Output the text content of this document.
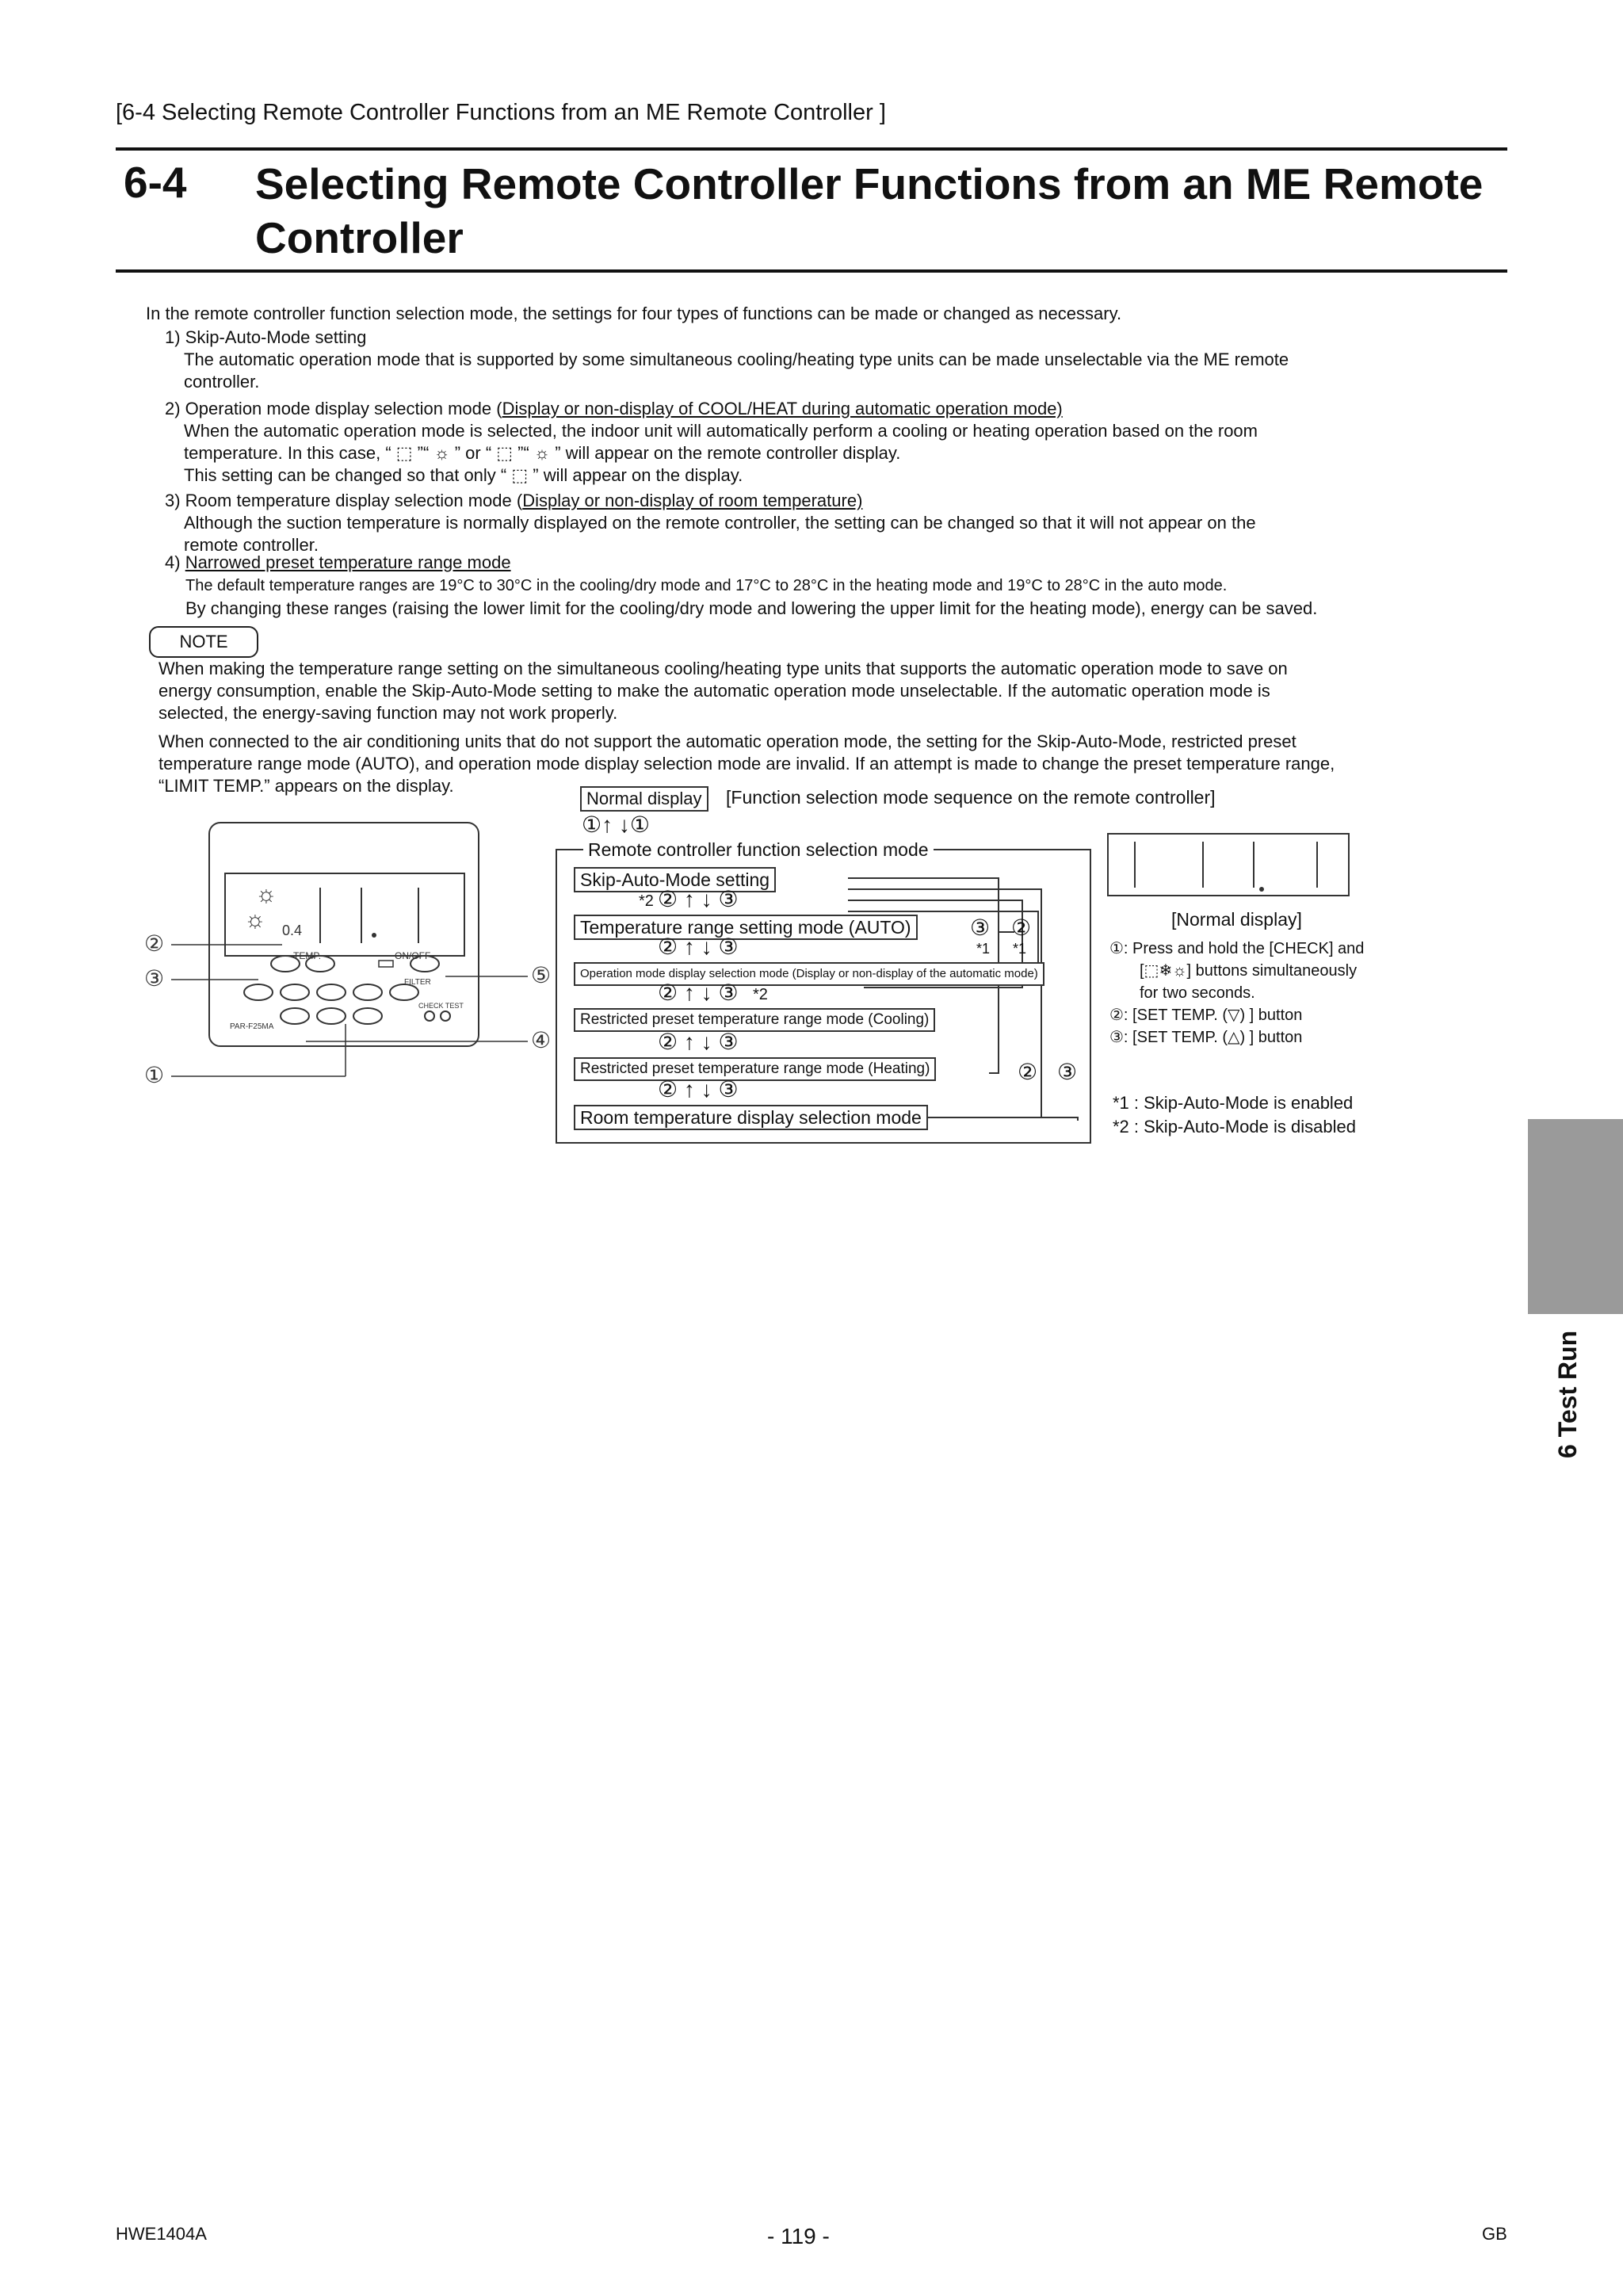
[6-4 Selecting Remote Controller Functions from an ME Remote Controller ]
6-4 Selecting Remote Controller Functions from an ME Remote Controller
In the remote controller function selection mode, the settings for four types of functions can be made or changed as necessary.
1) Skip-Auto-Mode setting
The automatic operation mode that is supported by some simultaneous cooling/heating type units can be made unselectable via the ME remote
controller.
2) Operation mode display selection mode (Display or non-display of COOL/HEAT during automatic operation mode)
When the automatic operation mode is selected, the indoor unit will automatically perform a cooling or heating operation based on the room
temperature. In this case, “ ⬚ ”“ ☼ ” or “ ⬚ ”“ ☼ ” will appear on the remote controller display.
This setting can be changed so that only “ ⬚ ” will appear on the display.
3) Room temperature display selection mode (Display or non-display of room temperature)
Although the suction temperature is normally displayed on the remote controller, the setting can be changed so that it will not appear on the
remote controller.
4) Narrowed preset temperature range mode
The default temperature ranges are 19°C to 30°C in the cooling/dry mode and 17°C to 28°C in the heating mode and 19°C to 28°C in the auto mode.
By changing these ranges (raising the lower limit for the cooling/dry mode and lowering the upper limit for the heating mode), energy can be saved.
NOTE
When making the temperature range setting on the simultaneous cooling/heating type units that supports the automatic operation mode to save on
energy consumption, enable the Skip-Auto-Mode setting to make the automatic operation mode unselectable. If the automatic operation mode is
selected, the energy-saving function may not work properly.
When connected to the air conditioning units that do not support the automatic operation mode, the setting for the Skip-Auto-Mode, restricted preset
temperature range mode (AUTO), and operation mode display selection mode are invalid. If an attempt is made to change the preset temperature range,
“LIMIT TEMP.” appears on the display.
☼
☼ 0.4
TEMP.	ON/OFF
FILTER
CHECK TEST
PAR-F25MA
②
③
①
⑤
④
Normal display	[Function selection mode sequence on the remote controller]
①↑ ↓①
Remote controller function selection mode
Skip-Auto-Mode setting
*2 ② ↑ ↓ ③
Temperature range setting mode (AUTO)	③ ②
*1 *1
② ↑ ↓ ③
Operation mode display selection mode (Display or non-display of the automatic mode)
② ↑ ↓ ③ *2
Restricted preset temperature range mode (Cooling)
② ↑ ↓ ③
Restricted preset temperature range mode (Heating)	② ③
② ↑ ↓ ③
Room temperature display selection mode
[Normal display]
①: Press and hold the [CHECK] and
[⬚❄☼] buttons simultaneously
for two seconds.
②: [SET TEMP. (▽) ] button
③: [SET TEMP. (△) ] button
*1 : Skip-Auto-Mode is enabled
*2 : Skip-Auto-Mode is disabled
6 Test Run
HWE1404A	- 119 -	GB
